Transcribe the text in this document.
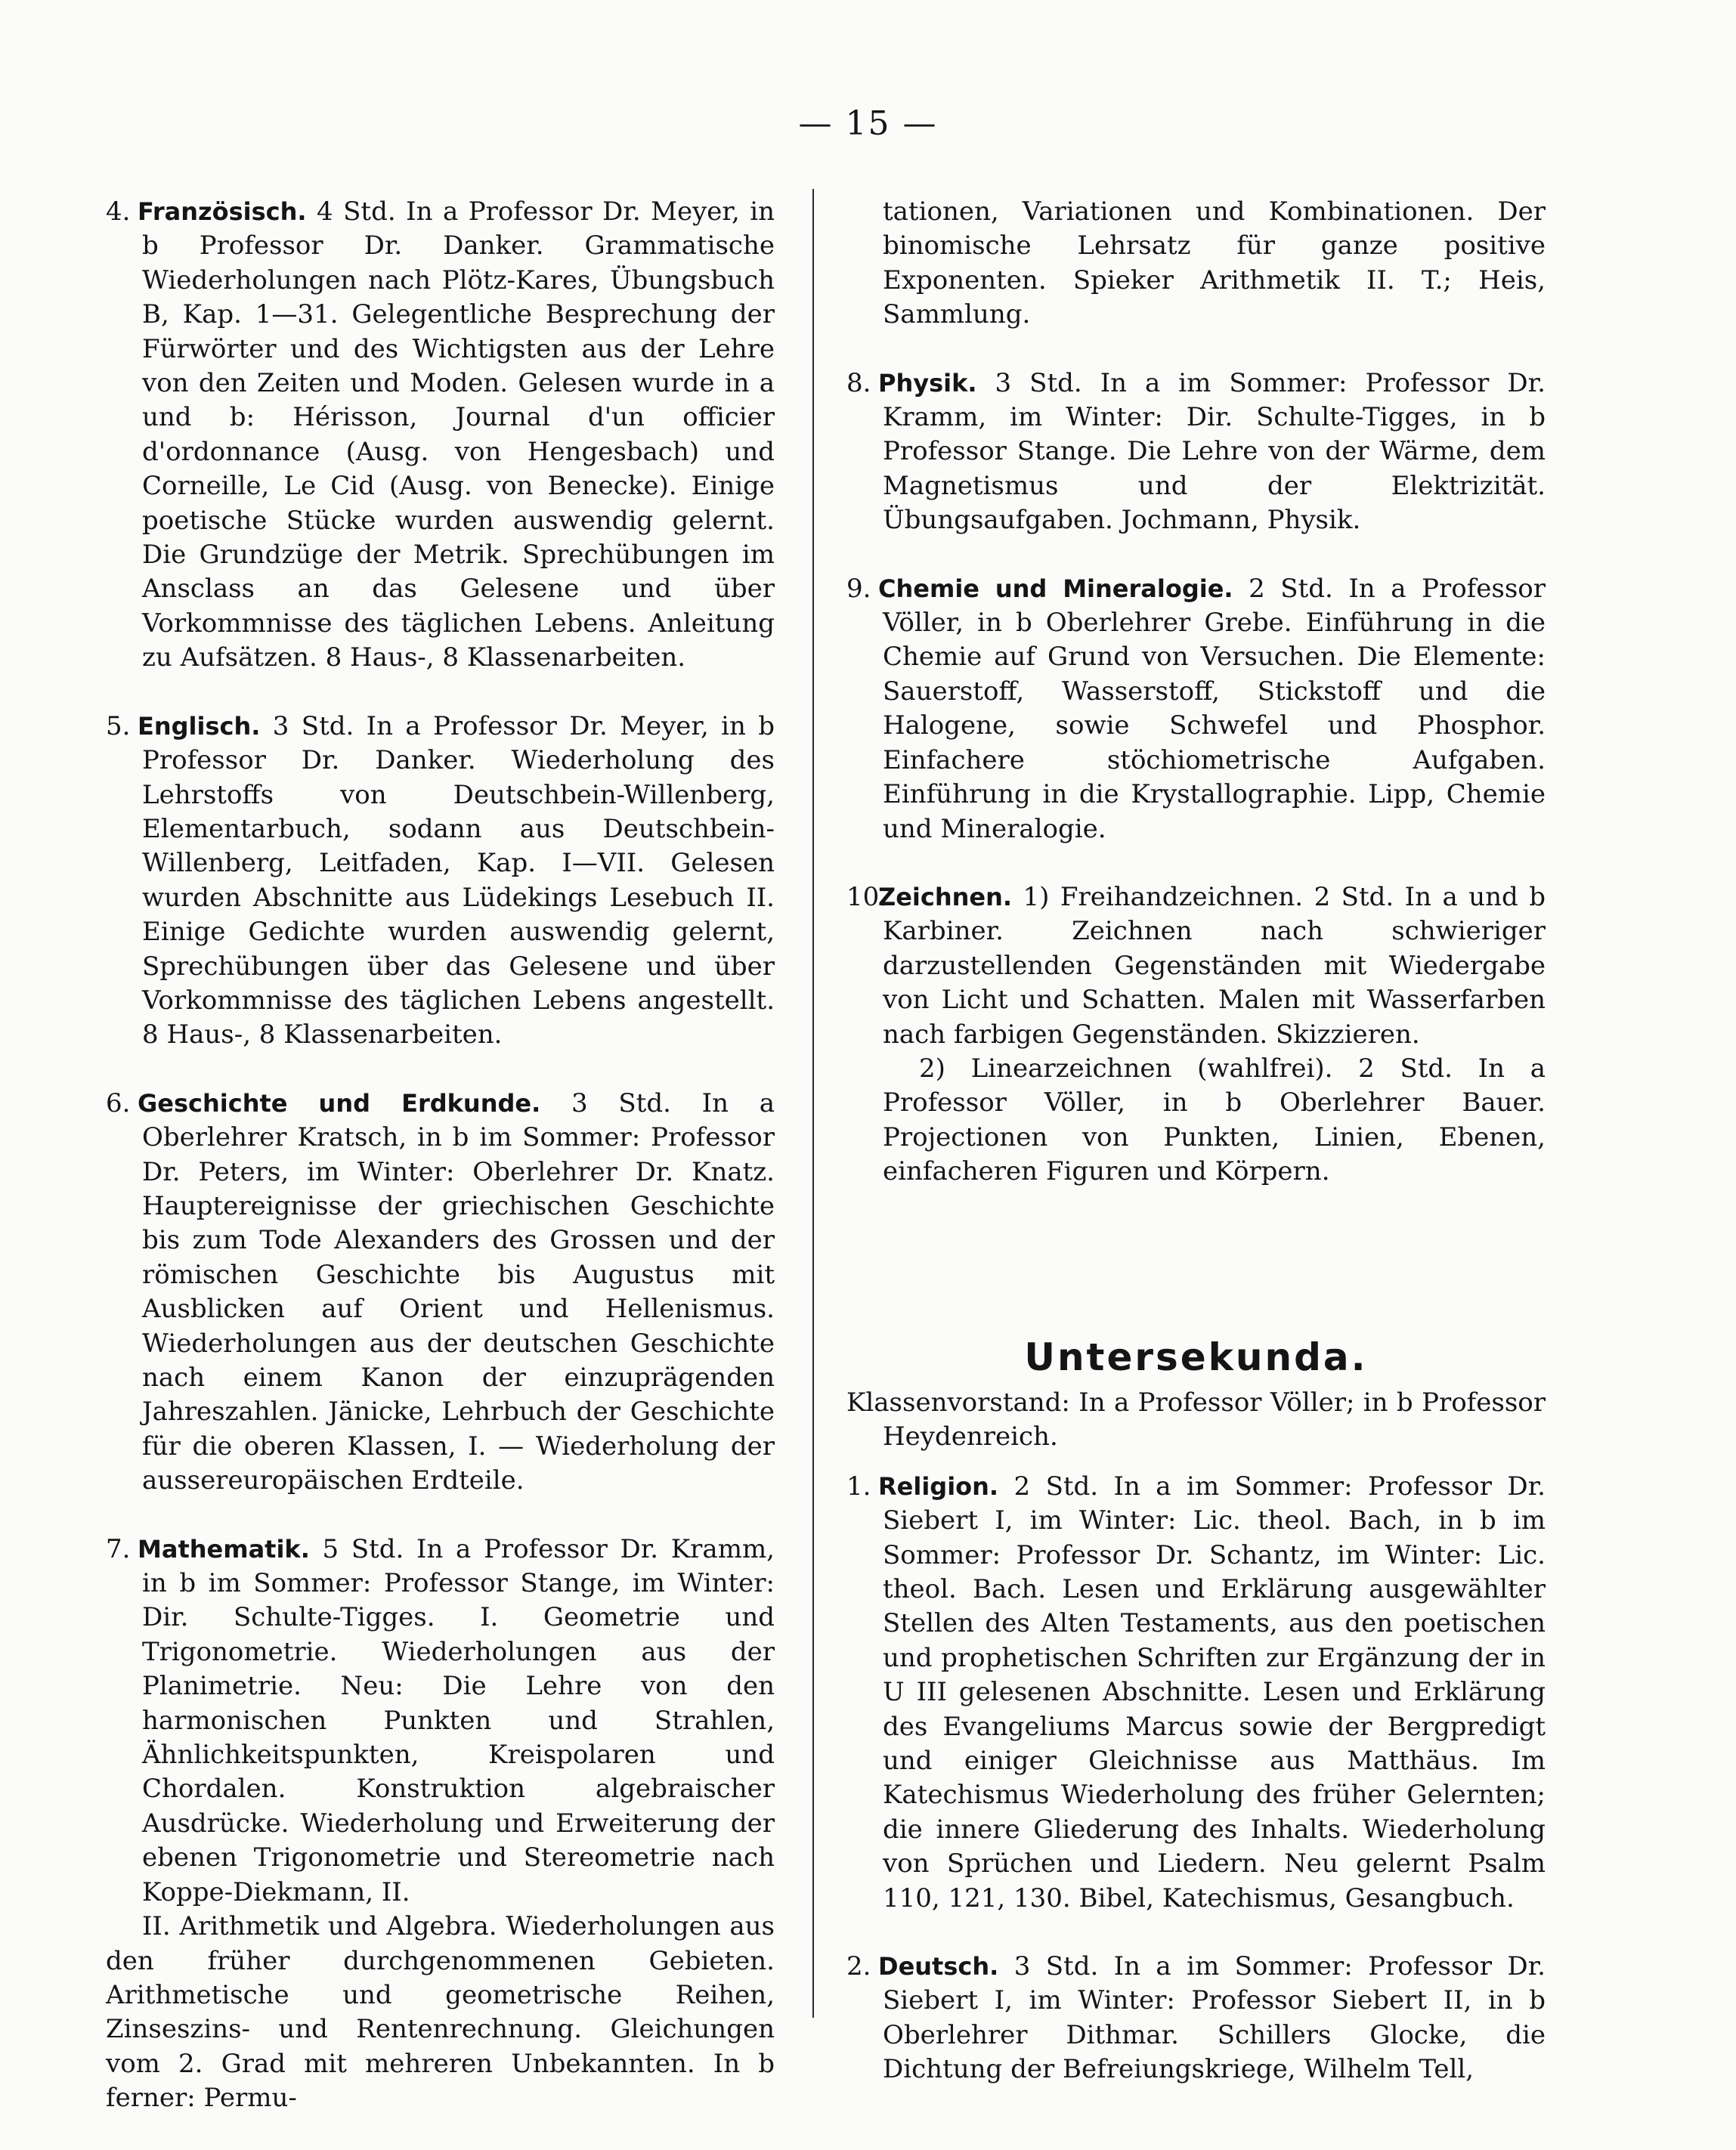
— 15 —

4. Französisch. 4 Std. In a Professor Dr. Meyer, in b Professor Dr. Danker. Grammatische Wiederholungen nach Plötz-Kares, Übungsbuch B, Kap. 1—31. Gelegentliche Besprechung der Fürwörter und des Wichtigsten aus der Lehre von den Zeiten und Moden. Gelesen wurde in a und b: Hérisson, Journal d'un officier d'ordonnance (Ausg. von Hengesbach) und Corneille, Le Cid (Ausg. von Benecke). Einige poetische Stücke wurden auswendig gelernt. Die Grundzüge der Metrik. Sprechübungen im Ansclass an das Gelesene und über Vorkommnisse des täglichen Lebens. Anleitung zu Aufsätzen. 8 Haus-, 8 Klassenarbeiten.

5. Englisch. 3 Std. In a Professor Dr. Meyer, in b Professor Dr. Danker. Wiederholung des Lehrstoffs von Deutschbein-Willenberg, Elementarbuch, sodann aus Deutschbein-Willenberg, Leitfaden, Kap. I—VII. Gelesen wurden Abschnitte aus Lüdekings Lesebuch II. Einige Gedichte wurden auswendig gelernt, Sprechübungen über das Gelesene und über Vorkommnisse des täglichen Lebens angestellt. 8 Haus-, 8 Klassenarbeiten.

6. Geschichte und Erdkunde. 3 Std. In a Oberlehrer Kratsch, in b im Sommer: Professor Dr. Peters, im Winter: Oberlehrer Dr. Knatz. Hauptereignisse der griechischen Geschichte bis zum Tode Alexanders des Grossen und der römischen Geschichte bis Augustus mit Ausblicken auf Orient und Hellenismus. Wiederholungen aus der deutschen Geschichte nach einem Kanon der einzuprägenden Jahreszahlen. Jänicke, Lehrbuch der Geschichte für die oberen Klassen, I. — Wiederholung der aussereuropäischen Erdteile.

7. Mathematik. 5 Std. In a Professor Dr. Kramm, in b im Sommer: Professor Stange, im Winter: Dir. Schulte-Tigges. I. Geometrie und Trigonometrie. Wiederholungen aus der Planimetrie. Neu: Die Lehre von den harmonischen Punkten und Strahlen, Ähnlichkeitspunkten, Kreispolaren und Chordalen. Konstruktion algebraischer Ausdrücke. Wiederholung und Erweiterung der ebenen Trigonometrie und Stereometrie nach Koppe-Diekmann, II.

II. Arithmetik und Algebra. Wiederholungen aus den früher durchgenommenen Gebieten. Arithmetische und geometrische Reihen, Zinseszins- und Rentenrechnung. Gleichungen vom 2. Grad mit mehreren Unbekannten. In b ferner: Permu-

tationen, Variationen und Kombinationen. Der binomische Lehrsatz für ganze positive Exponenten. Spieker Arithmetik II. T.; Heis, Sammlung.

8. Physik. 3 Std. In a im Sommer: Professor Dr. Kramm, im Winter: Dir. Schulte-Tigges, in b Professor Stange. Die Lehre von der Wärme, dem Magnetismus und der Elektrizität. Übungsaufgaben. Jochmann, Physik.

9. Chemie und Mineralogie. 2 Std. In a Professor Völler, in b Oberlehrer Grebe. Einführung in die Chemie auf Grund von Versuchen. Die Elemente: Sauerstoff, Wasserstoff, Stickstoff und die Halogene, sowie Schwefel und Phosphor. Einfachere stöchiometrische Aufgaben. Einführung in die Krystallographie. Lipp, Chemie und Mineralogie.

10.Zeichnen. 1) Freihandzeichnen. 2 Std. In a und b Karbiner. Zeichnen nach schwieriger darzustellenden Gegenständen mit Wiedergabe von Licht und Schatten. Malen mit Wasserfarben nach farbigen Gegenständen. Skizzieren.

2) Linearzeichnen (wahlfrei). 2 Std. In a Professor Völler, in b Oberlehrer Bauer. Projectionen von Punkten, Linien, Ebenen, einfacheren Figuren und Körpern.

Untersekunda.

Klassenvorstand: In a Professor Völler; in b Professor Heydenreich.

1. Religion. 2 Std. In a im Sommer: Professor Dr. Siebert I, im Winter: Lic. theol. Bach, in b im Sommer: Professor Dr. Schantz, im Winter: Lic. theol. Bach. Lesen und Erklärung ausgewählter Stellen des Alten Testaments, aus den poetischen und prophetischen Schriften zur Ergänzung der in U III gelesenen Abschnitte. Lesen und Erklärung des Evangeliums Marcus sowie der Bergpredigt und einiger Gleichnisse aus Matthäus. Im Katechismus Wiederholung des früher Gelernten; die innere Gliederung des Inhalts. Wiederholung von Sprüchen und Liedern. Neu gelernt Psalm 110, 121, 130. Bibel, Katechismus, Gesangbuch.

2. Deutsch. 3 Std. In a im Sommer: Professor Dr. Siebert I, im Winter: Professor Siebert II, in b Oberlehrer Dithmar. Schillers Glocke, die Dichtung der Befreiungskriege, Wilhelm Tell,
